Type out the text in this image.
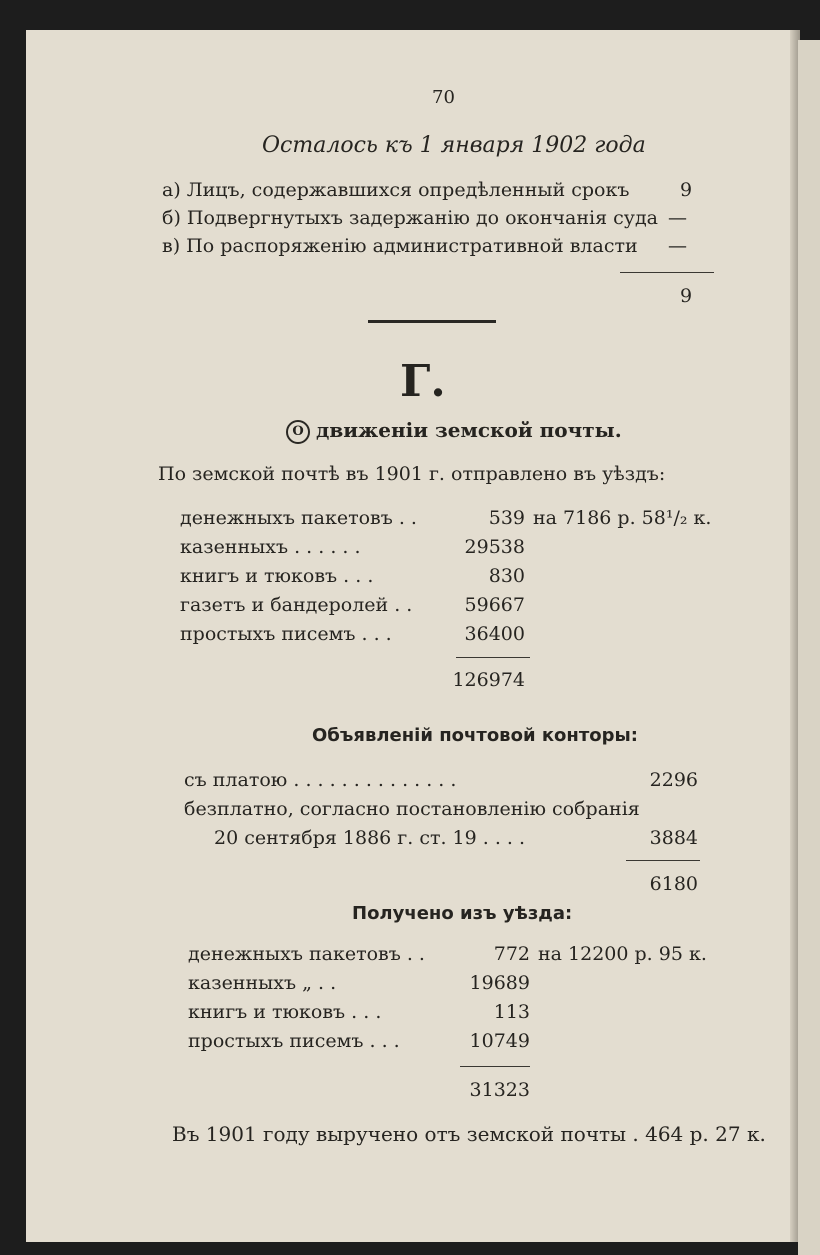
70
Осталось къ 1 января 1902 года
а) Лицъ, содержавшихся опредѣленный срокъ	9
б) Подвергнутыхъ задержанію до окончанія суда —
в) По распоряженію административной власти —
9
Г.
О движеніи земской почты.
По земской почтѣ въ 1901 г. отправлено въ уѣздъ:
денежныхъ пакетовъ . .	539 на 7186 р. 58¹/₂ к.
казенныхъ . . . . . .	29538
книгъ и тюковъ . . .	830
газетъ и бандеролей . .	59667
простыхъ писемъ . . .	36400
126974
Объявленій почтовой конторы:
съ платою . . . . . . . . . . . . . .	2296
безплатно, согласно постановленію собранія
20 сентября 1886 г. ст. 19 . . . .	3884
6180
Получено изъ уѣзда:
денежныхъ пакетовъ . .	772 на 12200 р. 95 к.
казенныхъ „ . .	19689
книгъ и тюковъ . . .	113
простыхъ писемъ . . .	10749
31323
Въ 1901 году выручено отъ земской почты . 464 р. 27 к.
